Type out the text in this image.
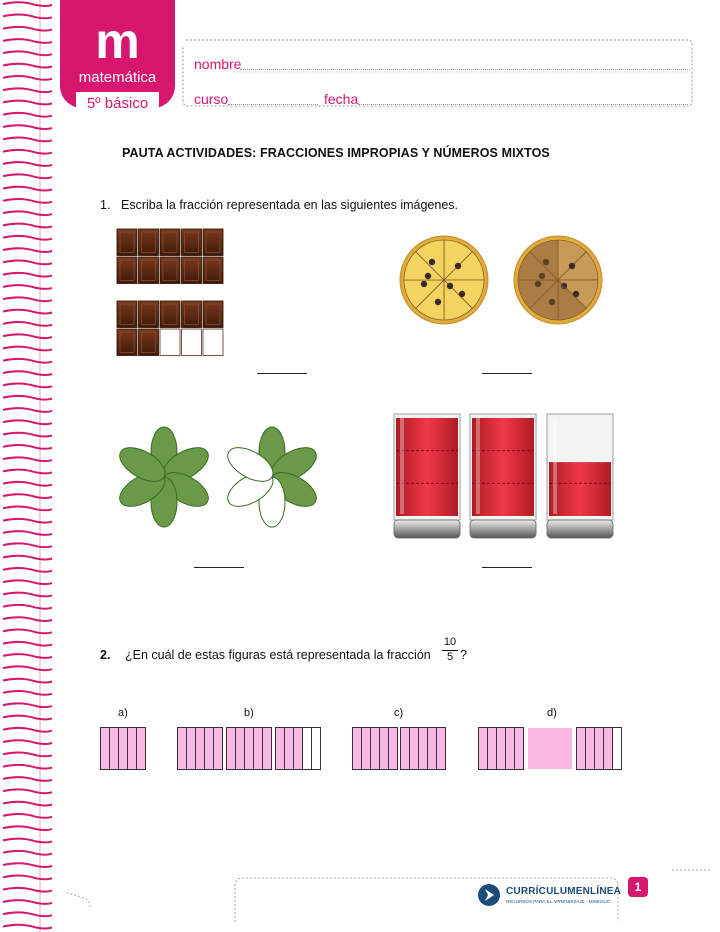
m
matemática
5º básico
nombre
curso	fecha
PAUTA ACTIVIDADES: FRACCIONES IMPROPIAS Y NÚMEROS MIXTOS
1. Escriba la fracción representada en las siguientes imágenes.
2. ¿En cuál de estas figuras está representada la fracción
10
5 ?
a)	b)	c)	d)
CURRÍCULUMENLÍNEA
RECURSOS PARA EL APRENDIZAJE · MINEDUC
1
